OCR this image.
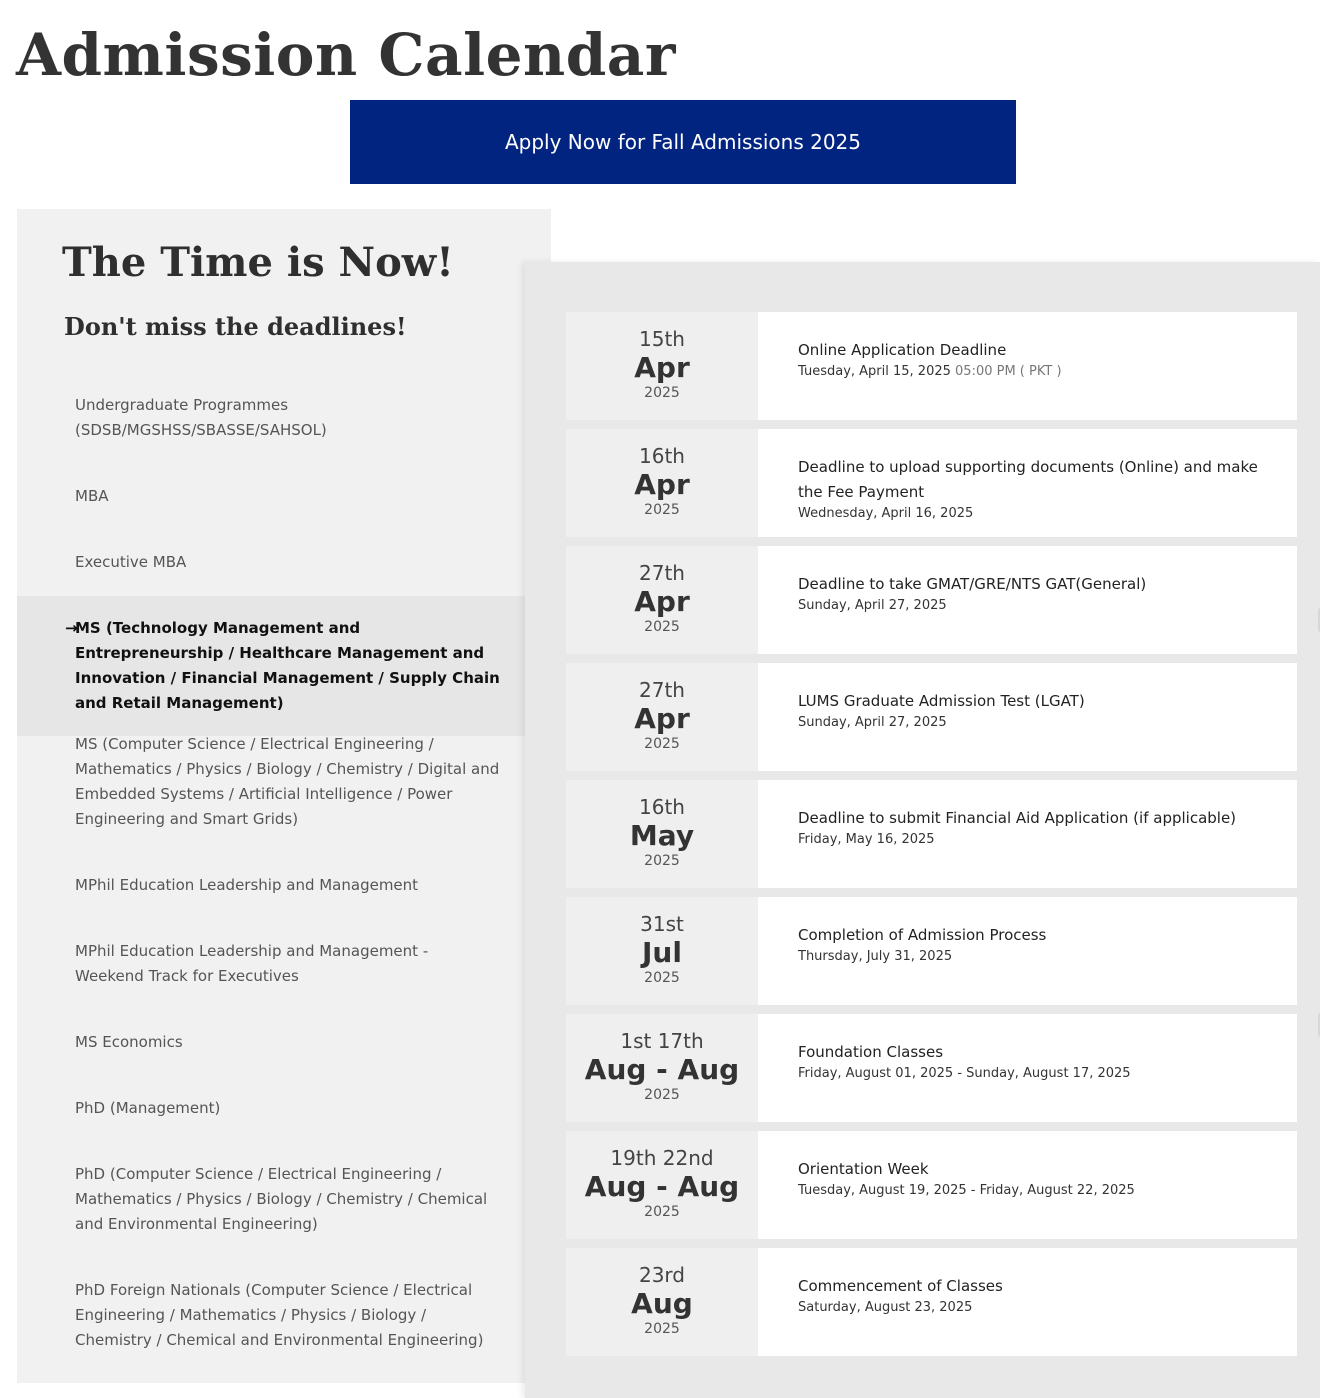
Admission Calendar
Apply Now for Fall Admissions 2025
The Time is Now!
Don't miss the deadlines!
Undergraduate Programmes (SDSB/MGSHSS/SBASSE/SAHSOL)
MBA
Executive MBA
→
MS (Technology Management and Entrepreneurship / Healthcare Management and Innovation / Financial Management / Supply Chain and Retail Management)
MS (Computer Science / Electrical Engineering / Mathematics / Physics / Biology / Chemistry / Digital and Embedded Systems / Artificial Intelligence / Power Engineering and Smart Grids)
MPhil Education Leadership and Management
MPhil Education Leadership and Management - Weekend Track for Executives
MS Economics
PhD (Management)
PhD (Computer Science / Electrical Engineering / Mathematics / Physics / Biology / Chemistry / Chemical and Environmental Engineering)
PhD Foreign Nationals (Computer Science / Electrical Engineering / Mathematics / Physics / Biology / Chemistry / Chemical and Environmental Engineering)
15th
Apr
2025
Online Application Deadline
Tuesday, April 15, 2025 05:00 PM ( PKT )
16th
Apr
2025
Deadline to upload supporting documents (Online) and make the Fee Payment
Wednesday, April 16, 2025
27th
Apr
2025
Deadline to take GMAT/GRE/NTS GAT(General)
Sunday, April 27, 2025
27th
Apr
2025
LUMS Graduate Admission Test (LGAT)
Sunday, April 27, 2025
16th
May
2025
Deadline to submit Financial Aid Application (if applicable)
Friday, May 16, 2025
31st
Jul
2025
Completion of Admission Process
Thursday, July 31, 2025
1st 17th
Aug - Aug
2025
Foundation Classes
Friday, August 01, 2025 - Sunday, August 17, 2025
19th 22nd
Aug - Aug
2025
Orientation Week
Tuesday, August 19, 2025 - Friday, August 22, 2025
23rd
Aug
2025
Commencement of Classes
Saturday, August 23, 2025
